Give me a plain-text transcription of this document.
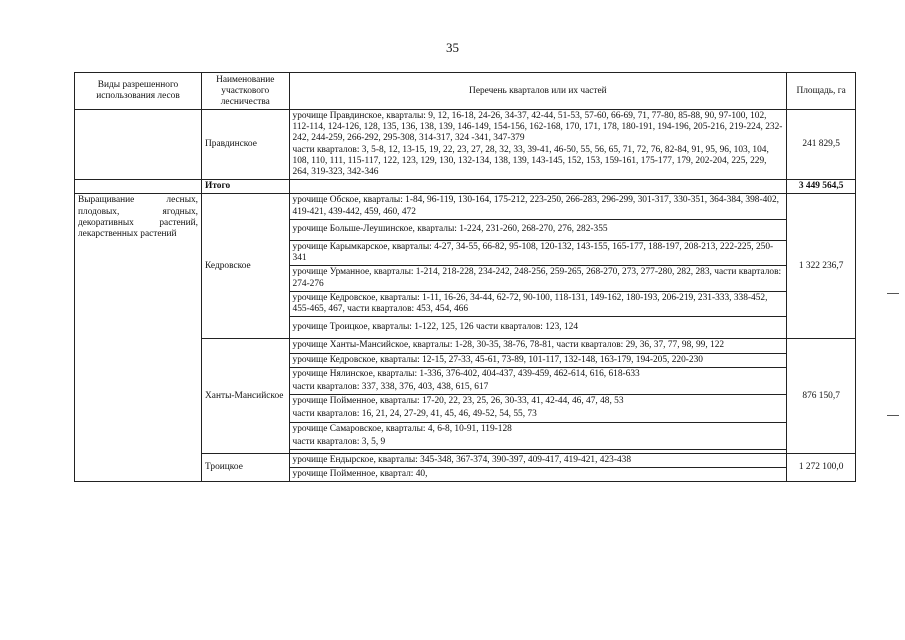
35
Виды разрешенного использования лесов	Наименование участкового лесничества	Перечень кварталов или их частей	Площадь, га
	Правдинское	урочище Правдинское, кварталы: 9, 12, 16-18, 24-26, 34-37, 42-44, 51-53, 57-60, 66-69, 71, 77-80, 85-88, 90, 97-100, 102, 112-114, 124-126, 128, 135, 136, 138, 139, 146-149, 154-156, 162-168, 170, 171, 178, 180-191, 194-196, 205-216, 219-224, 232-242, 244-259, 266-292, 295-308, 314-317, 324 -341, 347-379
части кварталов: 3, 5-8, 12, 13-15, 19, 22, 23, 27, 28, 32, 33, 39-41, 46-50, 55, 56, 65, 71, 72, 76, 82-84, 91, 95, 96, 103, 104, 108, 110, 111, 115-117, 122, 123, 129, 130, 132-134, 138, 139, 143-145, 152, 153, 159-161, 175-177, 179, 202-204, 225, 229, 264, 319-323, 342-346	241 829,5
	Итого		3 449 564,5
Выращивание лесных, плодовых, ягодных, декоративных растений, лекарственных растений	Кедровское	урочище Обское, кварталы: 1-84, 96-119, 130-164, 175-212, 223-250, 266-283, 296-299, 301-317, 330-351, 364-384, 398-402, 419-421, 439-442, 459, 460, 472	1 322 236,7
		урочище Больше-Леушинское, кварталы: 1-224, 231-260, 268-270, 276, 282-355	
		урочище Карымкарское, кварталы: 4-27, 34-55, 66-82, 95-108, 120-132, 143-155, 165-177, 188-197, 208-213, 222-225, 250-341	
		урочище Урманное, кварталы: 1-214, 218-228, 234-242, 248-256, 259-265, 268-270, 273, 277-280, 282, 283, части кварталов: 274-276	
		урочище Кедровское, кварталы: 1-11, 16-26, 34-44, 62-72, 90-100, 118-131, 149-162, 180-193, 206-219, 231-333, 338-452, 455-465, 467, части кварталов: 453, 454, 466	
		урочище Троицкое, кварталы: 1-122, 125, 126 части кварталов: 123, 124	
	Ханты-Мансийское	урочище Ханты-Мансийское, кварталы: 1-28, 30-35, 38-76, 78-81, части кварталов: 29, 36, 37, 77, 98, 99, 122	876 150,7
		урочище Кедровское, кварталы: 12-15, 27-33, 45-61, 73-89, 101-117, 132-148, 163-179, 194-205, 220-230	
		урочище Нялинское, кварталы: 1-336, 376-402, 404-437, 439-459, 462-614, 616, 618-633	
		части кварталов: 337, 338, 376, 403, 438, 615, 617	
		урочище Пойменное, кварталы: 17-20, 22, 23, 25, 26, 30-33, 41, 42-44, 46, 47, 48, 53	
		части кварталов: 16, 21, 24, 27-29, 41, 45, 46, 49-52, 54, 55, 73	
		урочище Самаровское, кварталы: 4, 6-8, 10-91, 119-128	
		части кварталов: 3, 5, 9	

	Троицкое	урочище Ендырское, кварталы: 345-348, 367-374, 390-397, 409-417, 419-421, 423-438	1 272 100,0
		урочище Пойменное, квартал: 40,	
